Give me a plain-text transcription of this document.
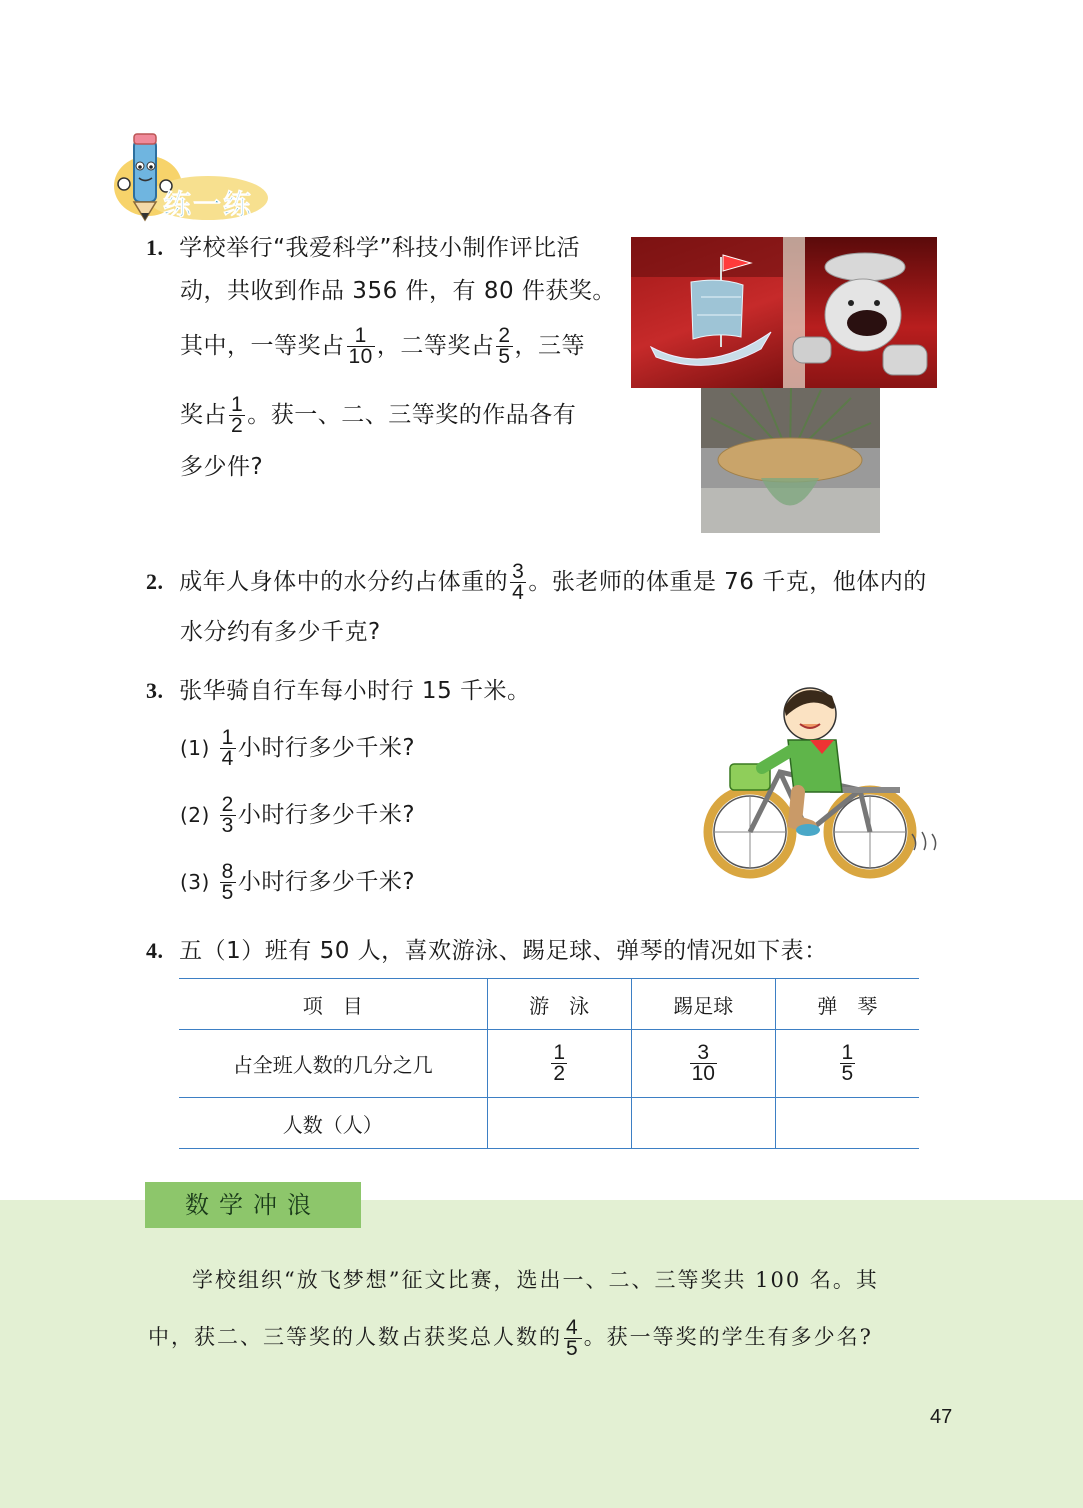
练一练
1. 学校举行“我爱科学”科技小制作评比活
动，共收到作品 356 件，有 80 件获奖。
其中，一等奖占 $\frac{1}{10}$ ，二等奖占 $\frac{2}{5}$ ，三等
奖占 $\frac{1}{2}$ 。获一、二、三等奖的作品各有
多少件?
2. 成年人身体中的水分约占体重的 $\frac{3}{4}$ 。张老师的体重是 76 千克，他体内的
水分约有多少千克?
3. 张华骑自行车每小时行 15 千米。
$(1) \frac{1}{4}$ 小时行多少千米?
$(2) \frac{2}{3}$ 小时行多少千米?
$(3) \frac{8}{5}$ 小时行多少千米?
4. 五（1）班有 50 人，喜欢游泳、踢足球、弹琴的情况如下表：
项　目	游　泳	踢足球	弹　琴
占全班人数的几分之几	$\frac{1}{2}$	$\frac{3}{10}$	$\frac{1}{5}$

人数（人）			
数学冲浪
学校组织“放飞梦想”征文比赛，选出一、二、三等奖共 100 名。其
中，获二、三等奖的人数占获奖总人数的 $\frac{4}{5}$ 。获一等奖的学生有多少名?
47
